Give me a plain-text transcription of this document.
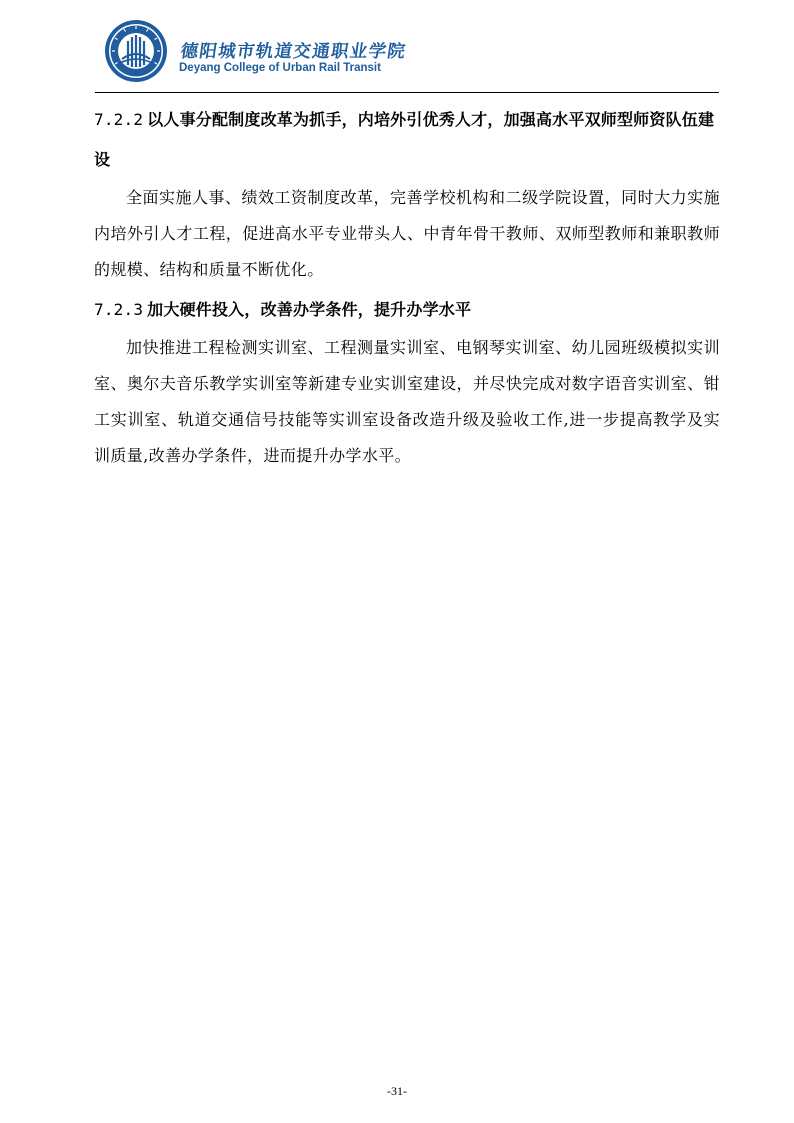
德阳城市轨道交通职业学院
Deyang College of Urban Rail Transit
7.2.2 以人事分配制度改革为抓手，内培外引优秀人才，加强高水平双师型师资队伍建设

全面实施人事、绩效工资制度改革，完善学校机构和二级学院设置，同时大力实施内培外引人才工程，促进高水平专业带头人、中青年骨干教师、双师型教师和兼职教师的规模、结构和质量不断优化。

7.2.3 加大硬件投入，改善办学条件，提升办学水平

加快推进工程检测实训室、工程测量实训室、电钢琴实训室、幼儿园班级模拟实训室、奥尔夫音乐教学实训室等新建专业实训室建设，并尽快完成对数字语音实训室、钳工实训室、轨道交通信号技能等实训室设备改造升级及验收工作,进一步提高教学及实训质量,改善办学条件，进而提升办学水平。

-31-
